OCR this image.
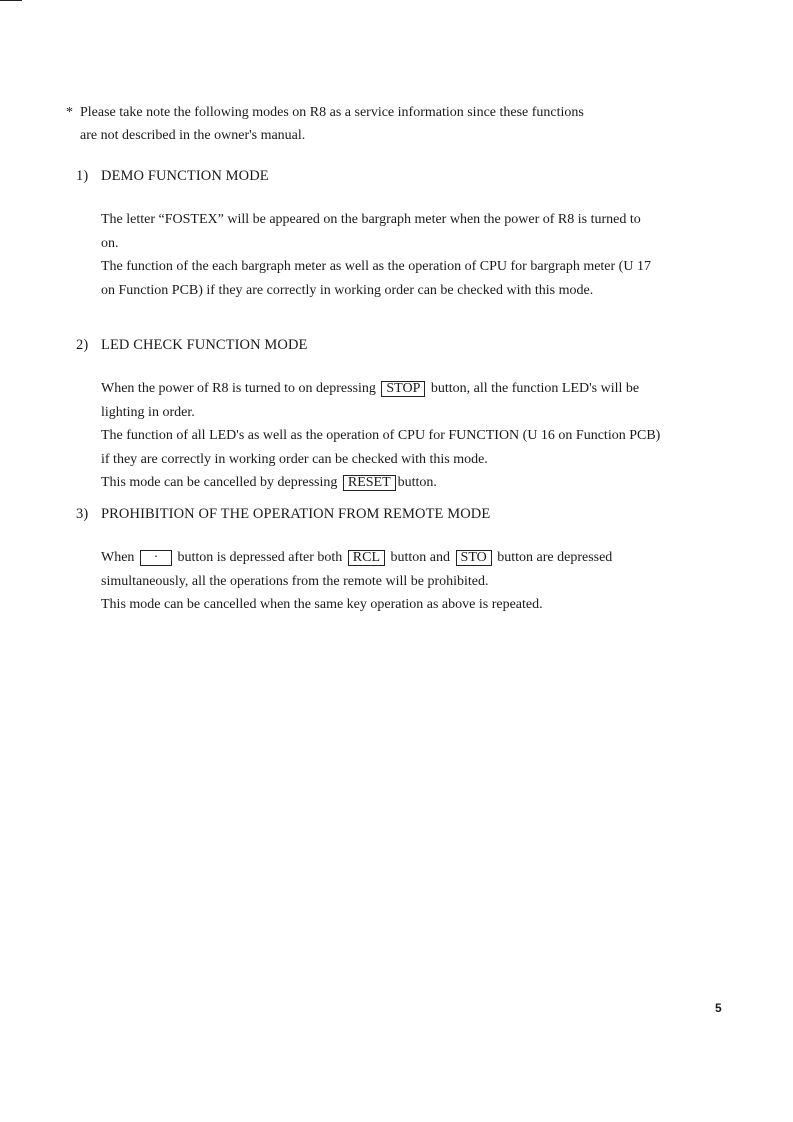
* Please take note the following modes on R8 as a service information since these functions
are not described in the owner's manual.
1) DEMO FUNCTION MODE

The letter “FOSTEX” will be appeared on the bargraph meter when the power of R8 is turned to on.

The function of the each bargraph meter as well as the operation of CPU for bargraph meter (U 17 on Function PCB) if they are correctly in working order can be checked with this mode.

2) LED CHECK FUNCTION MODE

When the power of R8 is turned to on depressing STOP button, all the function LED's will be lighting in order.

The function of all LED's as well as the operation of CPU for FUNCTION (U 16 on Function PCB) if they are correctly in working order can be checked with this mode.

This mode can be cancelled by depressing RESET button.

3) PROHIBITION OF THE OPERATION FROM REMOTE MODE

When · button is depressed after both RCL button and STO button are depressed simultaneously, all the operations from the remote will be prohibited.

This mode can be cancelled when the same key operation as above is repeated.

5
